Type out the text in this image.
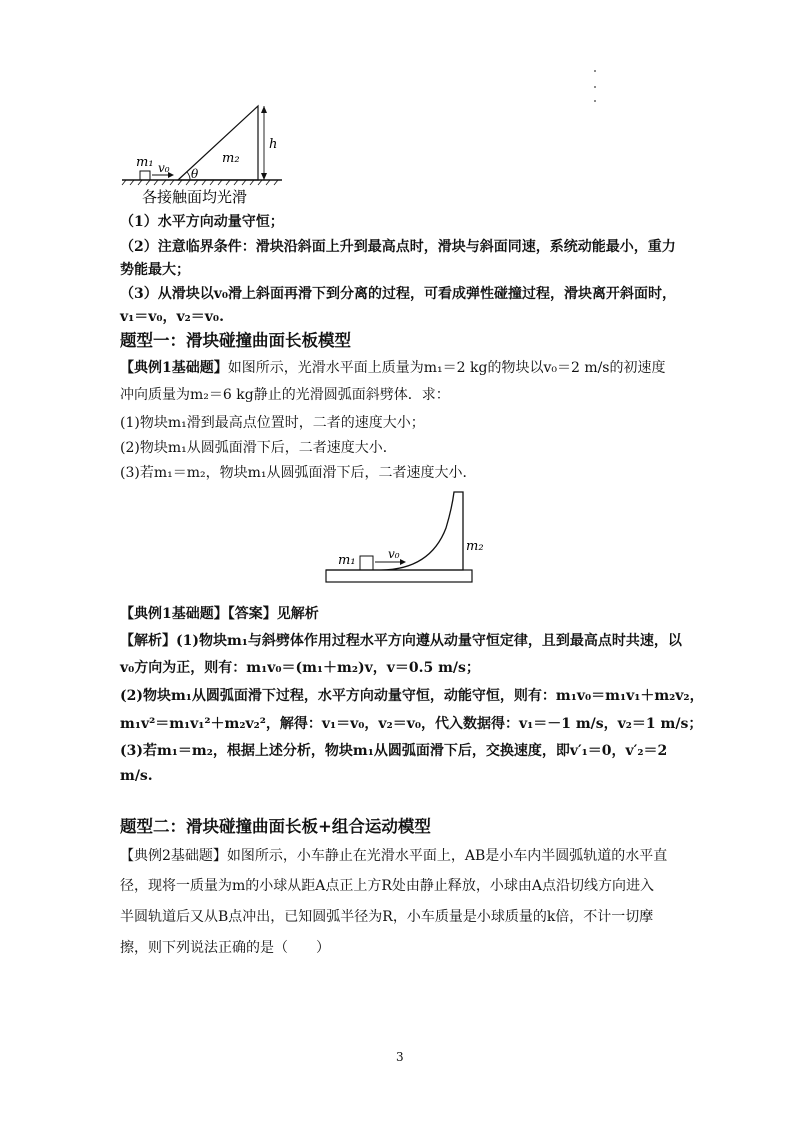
m₁ v₀ θ
m₂
h
各接触面均光滑
（1）水平方向动量守恒；
（2）注意临界条件：滑块沿斜面上升到最高点时，滑块与斜面同速，系统动能最小，重力
势能最大；
（3）从滑块以v₀滑上斜面再滑下到分离的过程，可看成弹性碰撞过程，滑块离开斜面时，
v₁＝v₀，v₂＝v₀.
题型一：滑块碰撞曲面长板模型
【典例1基础题】如图所示，光滑水平面上质量为m₁＝2 kg的物块以v₀＝2 m/s的初速度
冲向质量为m₂＝6 kg静止的光滑圆弧面斜劈体．求：
(1)物块m₁滑到最高点位置时，二者的速度大小；
(2)物块m₁从圆弧面滑下后，二者速度大小．
(3)若m₁＝m₂，物块m₁从圆弧面滑下后，二者速度大小．
m₁	v₀	m₂
【典例1基础题】【答案】见解析
【解析】(1)物块m₁与斜劈体作用过程水平方向遵从动量守恒定律，且到最高点时共速，以
v₀方向为正，则有：m₁v₀＝(m₁＋m₂)v，v＝0.5 m/s；
(2)物块m₁从圆弧面滑下过程，水平方向动量守恒，动能守恒，则有：m₁v₀＝m₁v₁＋m₂v₂，
m₁v²＝m₁v₁²＋m₂v₂²，解得：v₁＝v₀，v₂＝v₀，代入数据得：v₁＝－1 m/s，v₂＝1 m/s；
(3)若m₁＝m₂，根据上述分析，物块m₁从圆弧面滑下后，交换速度，即v′₁＝0，v′₂＝2
m/s.
题型二：滑块碰撞曲面长板+组合运动模型
【典例2基础题】如图所示，小车静止在光滑水平面上，AB是小车内半圆弧轨道的水平直
径，现将一质量为m的小球从距A点正上方R处由静止释放，小球由A点沿切线方向进入
半圆轨道后又从B点冲出，已知圆弧半径为R，小车质量是小球质量的k倍，不计一切摩
擦，则下列说法正确的是（　　）
3
